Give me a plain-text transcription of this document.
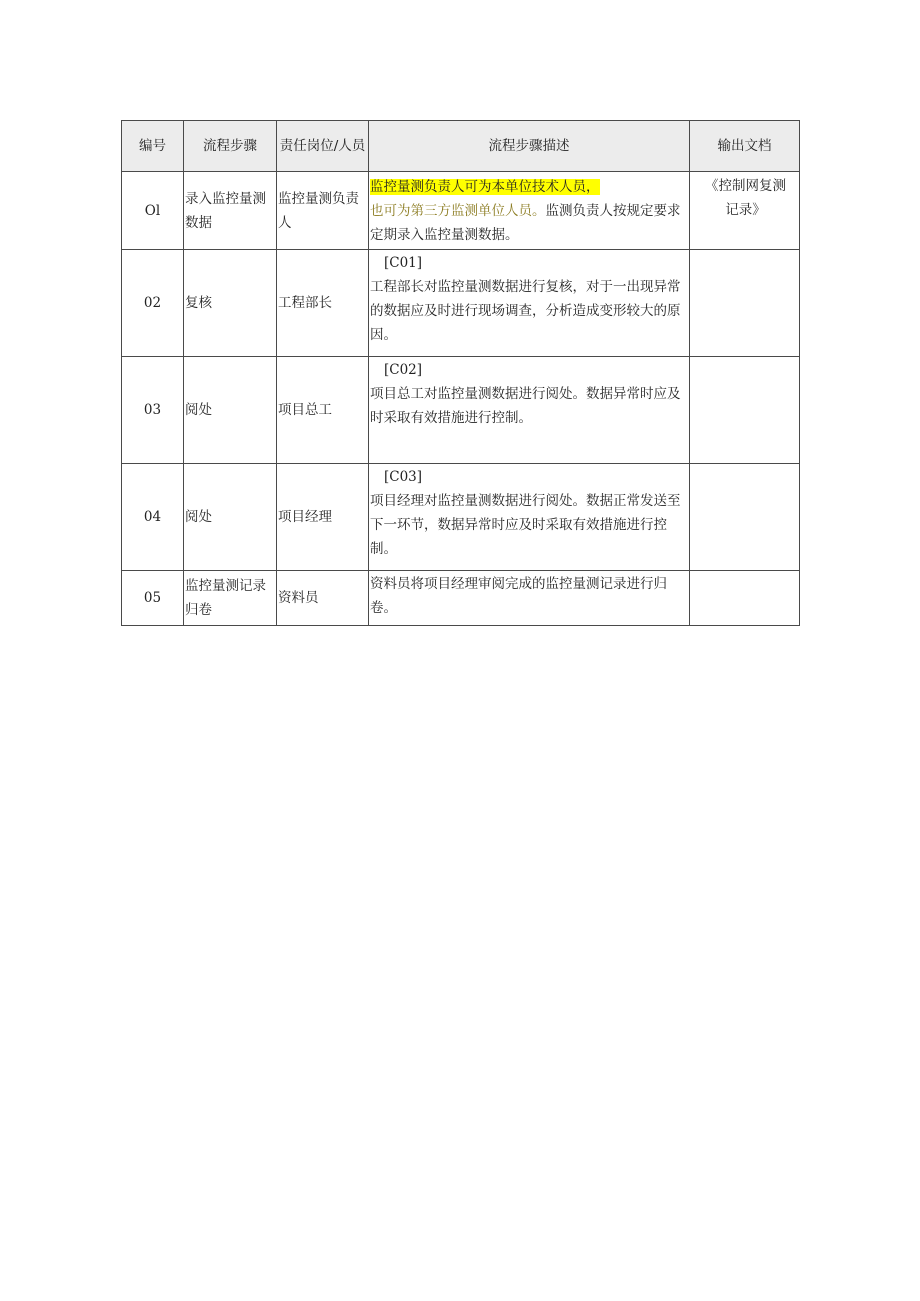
编号	流程步骤	责任岗位/人员	流程步骤描述	输出文档
Ol	录入监控量测数据	监控量测负责人	监控量测负责人可为本单位技术人员，
也可为第三方监测单位人员。监测负责人按规定要求定期录入监控量测数据。	《控制网复测记录》
02	复核	工程部长	[C01]
工程部长对监控量测数据进行复核，对于一出现异常的数据应及时进行现场调查，分析造成变形较大的原因。	
03	阅处	项目总工	[C02]
项目总工对监控量测数据进行阅处。数据异常时应及时采取有效措施进行控制。	
04	阅处	项目经理	[C03]
项目经理对监控量测数据进行阅处。数据正常发送至下一环节，数据异常时应及时采取有效措施进行控制。	
05	监控量测记录归卷	资料员	资料员将项目经理审阅完成的监控量测记录进行归卷。	
